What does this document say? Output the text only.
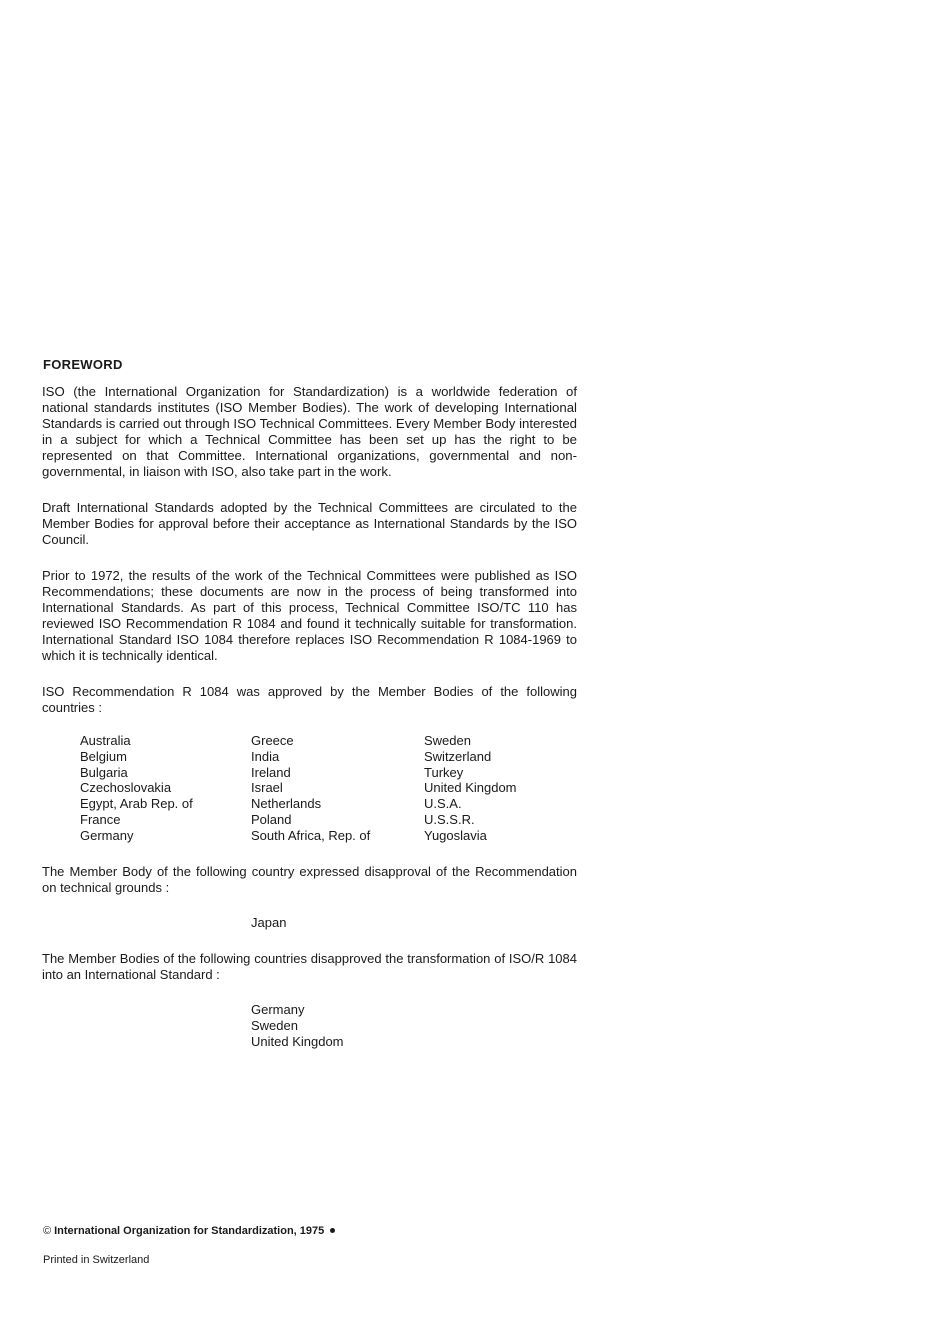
FOREWORD

ISO (the International Organization for Standardization) is a worldwide federation of national standards institutes (ISO Member Bodies). The work of developing International Standards is carried out through ISO Technical Committees. Every Member Body interested in a subject for which a Technical Committee has been set up has the right to be represented on that Committee. International organizations, governmental and non-governmental, in liaison with ISO, also take part in the work.

Draft International Standards adopted by the Technical Committees are circulated to the Member Bodies for approval before their acceptance as International Standards by the ISO Council.

Prior to 1972, the results of the work of the Technical Committees were published as ISO Recommendations; these documents are now in the process of being transformed into International Standards. As part of this process, Technical Committee ISO/TC 110 has reviewed ISO Recommendation R 1084 and found it technically suitable for transformation. International Standard ISO 1084 therefore replaces ISO Recommendation R 1084-1969 to which it is technically identical.

ISO Recommendation R 1084 was approved by the Member Bodies of the following countries :

Australia
Belgium
Bulgaria
Czechoslovakia
Egypt, Arab Rep. of
France
Germany
Greece
India
Ireland
Israel
Netherlands
Poland
South Africa, Rep. of
Sweden
Switzerland
Turkey
United Kingdom
U.S.A.
U.S.S.R.
Yugoslavia

The Member Body of the following country expressed disapproval of the Recommendation on technical grounds :

Japan

The Member Bodies of the following countries disapproved the transformation of ISO/R 1084 into an International Standard :

Germany
Sweden
United Kingdom
© International Organization for Standardization, 1975
Printed in Switzerland
